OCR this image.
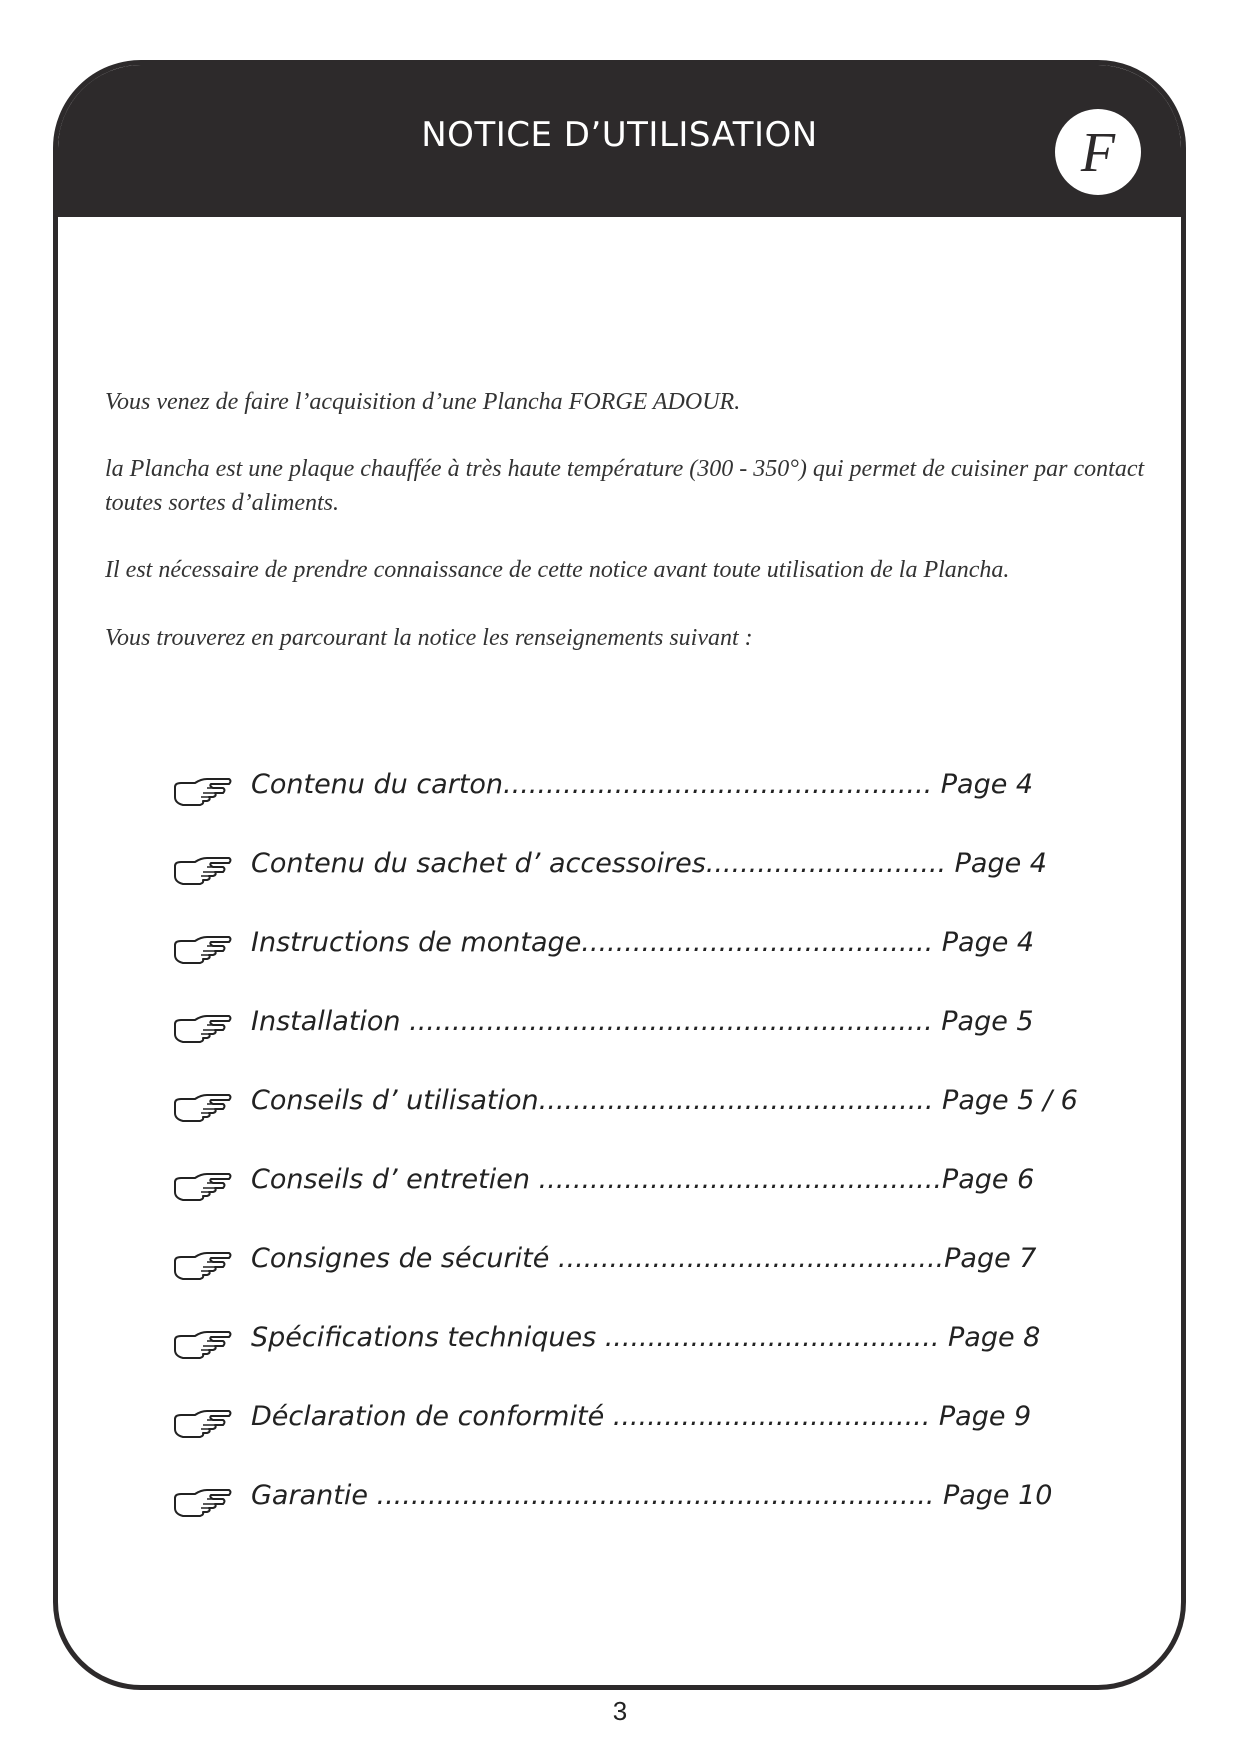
NOTICE D’UTILISATION	F

Vous venez de faire l’acquisition d’une Plancha FORGE ADOUR.

la Plancha est une plaque chauffée à très haute température (300 - 350°) qui permet de cuisiner par contact toutes sortes d’aliments.

Il est nécessaire de prendre connaissance de cette notice avant toute utilisation de la Plancha.

Vous trouverez en parcourant la notice les renseignements suivant :

Contenu du carton.................................................. Page 4
Contenu du sachet d’ accessoires............................ Page 4
Instructions de montage......................................... Page 4
Installation ............................................................. Page 5
Conseils d’ utilisation.............................................. Page 5 / 6
Conseils d’ entretien ...............................................Page 6
Consignes de sécurité .............................................Page 7
Spécifications techniques ....................................... Page 8
Déclaration de conformité ..................................... Page 9
Garantie ................................................................. Page 10
3
